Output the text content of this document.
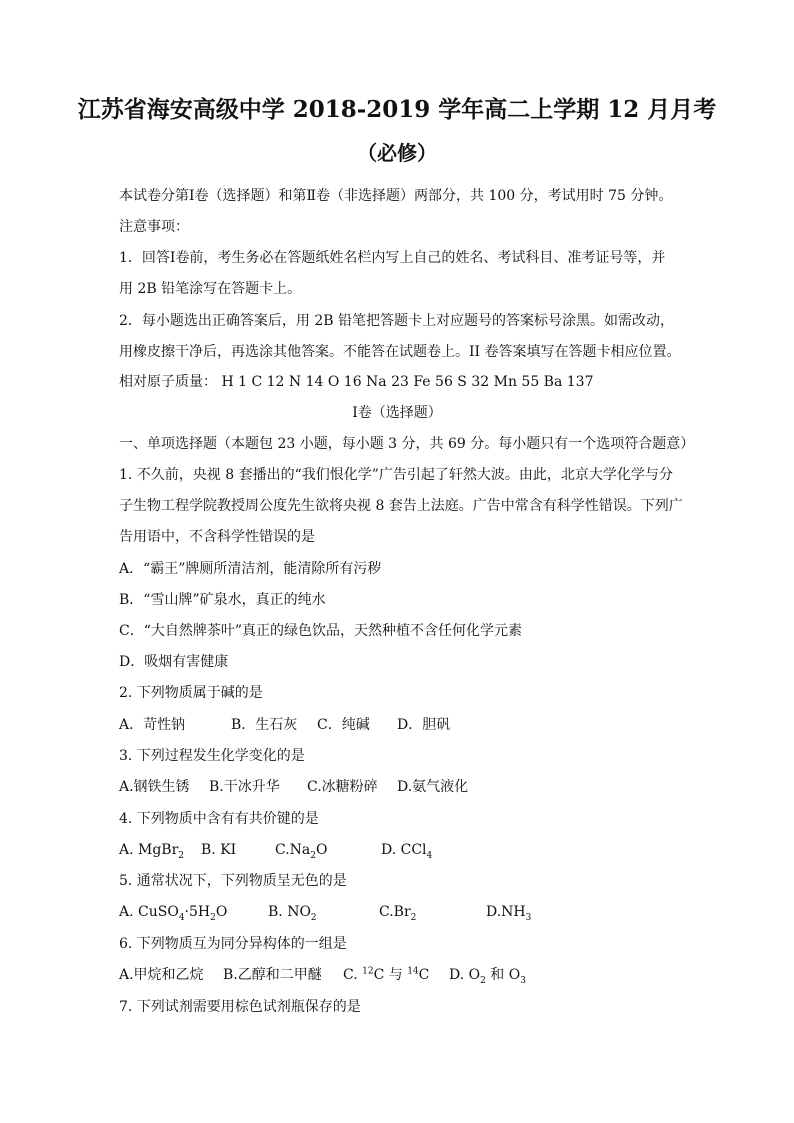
江苏省海安高级中学 2018-2019 学年高二上学期 12 月月考
（必修）
本试卷分第Ⅰ卷（选择题）和第Ⅱ卷（非选择题）两部分，共 100 分，考试用时 75 分钟。
注意事项：
1．回答Ⅰ卷前，考生务必在答题纸姓名栏内写上自己的姓名、考试科目、准考证号等，并
用 2B 铅笔涂写在答题卡上。
2．每小题选出正确答案后，用 2B 铅笔把答题卡上对应题号的答案标号涂黑。如需改动，
用橡皮擦干净后，再选涂其他答案。不能答在试题卷上。II 卷答案填写在答题卡相应位置。
相对原子质量： H 1 C 12 N 14 O 16 Na 23 Fe 56 S 32 Mn 55 Ba 137
Ⅰ卷（选择题）
一、单项选择题（本题包 23 小题，每小题 3 分，共 69 分。每小题只有一个选项符合题意）
1. 不久前，央视 8 套播出的“我们恨化学”广告引起了轩然大波。由此，北京大学化学与分
子生物工程学院教授周公度先生欲将央视 8 套告上法庭。广告中常含有科学性错误。下列广
告用语中，不含科学性错误的是
A．“霸王”牌厕所清洁剂，能清除所有污秽
B．“雪山牌”矿泉水，真正的纯水
C．“大自然牌茶叶”真正的绿色饮品，天然种植不含任何化学元素
D．吸烟有害健康
2. 下列物质属于碱的是
A．苛性钠	B．生石灰 C．纯碱 D．胆矾
3. 下列过程发生化学变化的是
A.钢铁生锈 B.干冰升华 C.冰糖粉碎 D.氨气液化
4. 下列物质中含有有共价键的是
A. MgBr$_2$ B. KI	$C.Na_2O$	D. CCl$_4$
5. 通常状况下，下列物质呈无色的是
A. $CuSO_4\cdot 5H_2O$	B. $NO_2$	$C.Br_2$	$D.NH_3$
6. 下列物质互为同分异构体的一组是
A.甲烷和乙烷 B.乙醇和二甲醚 C. $^{12}$C 与 $^{14}$C D. $O_2$ 和 $O_3$
7. 下列试剂需要用棕色试剂瓶保存的是
